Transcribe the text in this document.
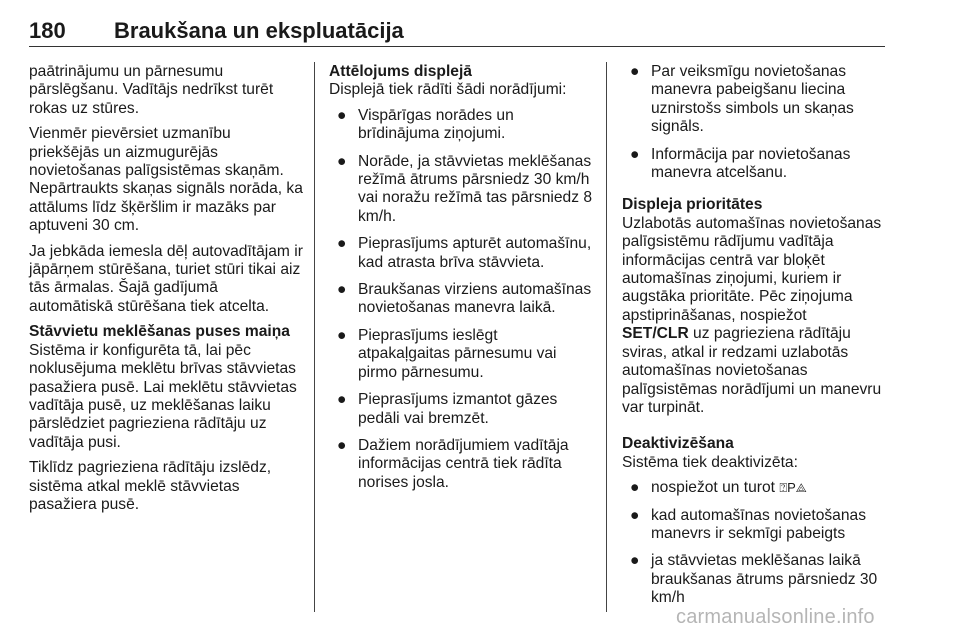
180 Braukšana un ekspluatācija

paātrinājumu un pārnesumu pārslēgšanu. Vadītājs nedrīkst turēt rokas uz stūres.

Vienmēr pievērsiet uzmanību priekšējās un aizmugurējās novietošanas palīgsistēmas skaņām. Nepārtraukts skaņas signāls norāda, ka attālums līdz šķēršlim ir mazāks par aptuveni 30 cm.

Ja jebkāda iemesla dēļ autovadītājam ir jāpārņem stūrēšana, turiet stūri tikai aiz tās ārmalas. Šajā gadījumā automātiskā stūrēšana tiek atcelta.

Stāvvietu meklēšanas puses maiņa

Sistēma ir konfigurēta tā, lai pēc noklusējuma meklētu brīvas stāvvietas pasažiera pusē. Lai meklētu stāvvietas vadītāja pusē, uz meklēšanas laiku pārslēdziet pagrieziena rādītāju uz vadītāja pusi.

Tiklīdz pagrieziena rādītāju izslēdz, sistēma atkal meklē stāvvietas pasažiera pusē.

Attēlojums displejā

Displejā tiek rādīti šādi norādījumi:

● Vispārīgas norādes un brīdinājuma ziņojumi.
● Norāde, ja stāvvietas meklēšanas režīmā ātrums pārsniedz 30 km/h vai noražu režīmā tas pārsniedz 8 km/h.
● Pieprasījums apturēt automašīnu, kad atrasta brīva stāvvieta.
● Braukšanas virziens automašīnas novietošanas manevra laikā.
● Pieprasījums ieslēgt atpakaļgaitas pārnesumu vai pirmo pārnesumu.
● Pieprasījums izmantot gāzes pedāli vai bremzēt.
● Dažiem norādījumiem vadītāja informācijas centrā tiek rādīta norises josla.
● Par veiksmīgu novietošanas manevra pabeigšanu liecina uznirstošs simbols un skaņas signāls.
● Informācija par novietošanas manevra atcelšanu.

Displeja prioritātes

Uzlabotās automašīnas novietošanas palīgsistēmu rādījumu vadītāja informācijas centrā var bloķēt automašīnas ziņojumi, kuriem ir augstāka prioritāte. Pēc ziņojuma apstiprināšanas, nospiežot
SET/CLR uz pagrieziena rādītāju sviras, atkal ir redzami uzlabotās automašīnas novietošanas palīgsistēmas norādījumi un manevru var turpināt.

Deaktivizēšana

Sistēma tiek deaktivizēta:

● nospiežot un turot ⍰P⟁
● kad automašīnas novietošanas manevrs ir sekmīgi pabeigts
● ja stāvvietas meklēšanas laikā braukšanas ātrums pārsniedz 30 km/h
carmanualsonline.info
